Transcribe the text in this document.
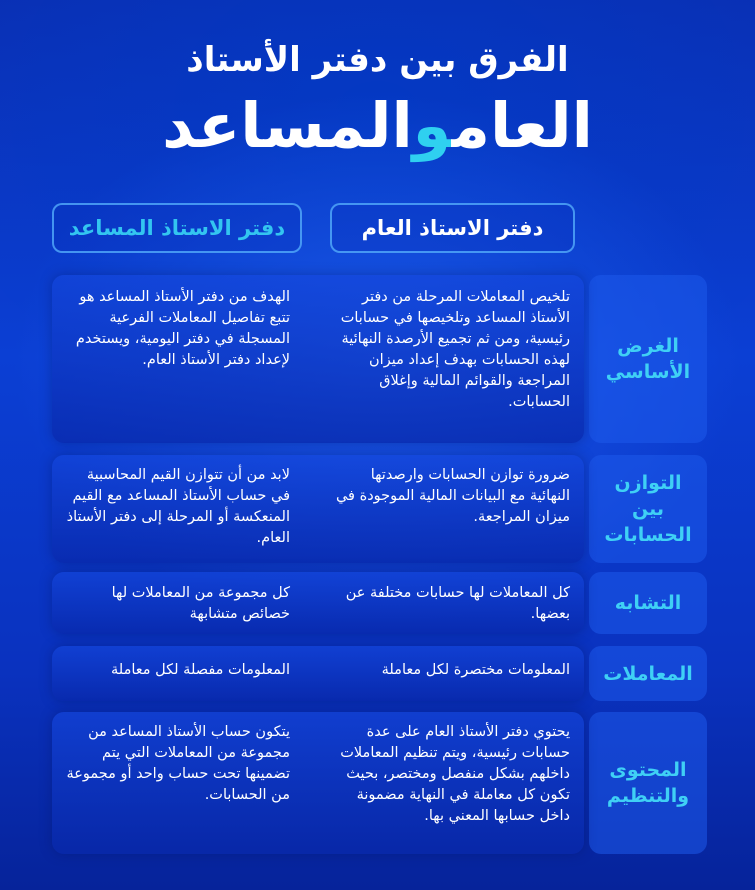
الفرق بين دفتر الأستاذ
العاموالمساعد
دفتر الاستاذ العام
دفتر الاستاذ المساعد
الغرض الأساسي
تلخيص المعاملات المرحلة من دفتر الأستاذ المساعد وتلخيصها في حسابات رئيسية، ومن ثم تجميع الأرصدة النهائية لهذه الحسابات بهدف إعداد ميزان المراجعة والقوائم المالية وإغلاق الحسابات.
الهدف من دفتر الأستاذ المساعد هو تتبع تفاصيل المعاملات الفرعية المسجلة في دفتر اليومية، ويستخدم لإعداد دفتر الأستاذ العام.
التوازن بين الحسابات
ضرورة توازن الحسابات وارصدتها النهائية مع البيانات المالية الموجودة في ميزان المراجعة.
لابد من أن تتوازن القيم المحاسبية في حساب الأستاذ المساعد مع القيم المنعكسة أو المرحلة إلى دفتر الأستاذ العام.
التشابه
كل المعاملات لها حسابات مختلفة عن بعضها.
كل مجموعة من المعاملات لها خصائص متشابهة
المعاملات
المعلومات مختصرة لكل معاملة
المعلومات مفصلة لكل معاملة
المحتوى والتنظيم
يحتوي دفتر الأستاذ العام على عدة حسابات رئيسية، ويتم تنظيم المعاملات داخلهم بشكل منفصل ومختصر، بحيث تكون كل معاملة في النهاية مضمونة داخل حسابها المعني بها.
يتكون حساب الأستاذ المساعد من مجموعة من المعاملات التي يتم تضمينها تحت حساب واحد أو مجموعة من الحسابات.
